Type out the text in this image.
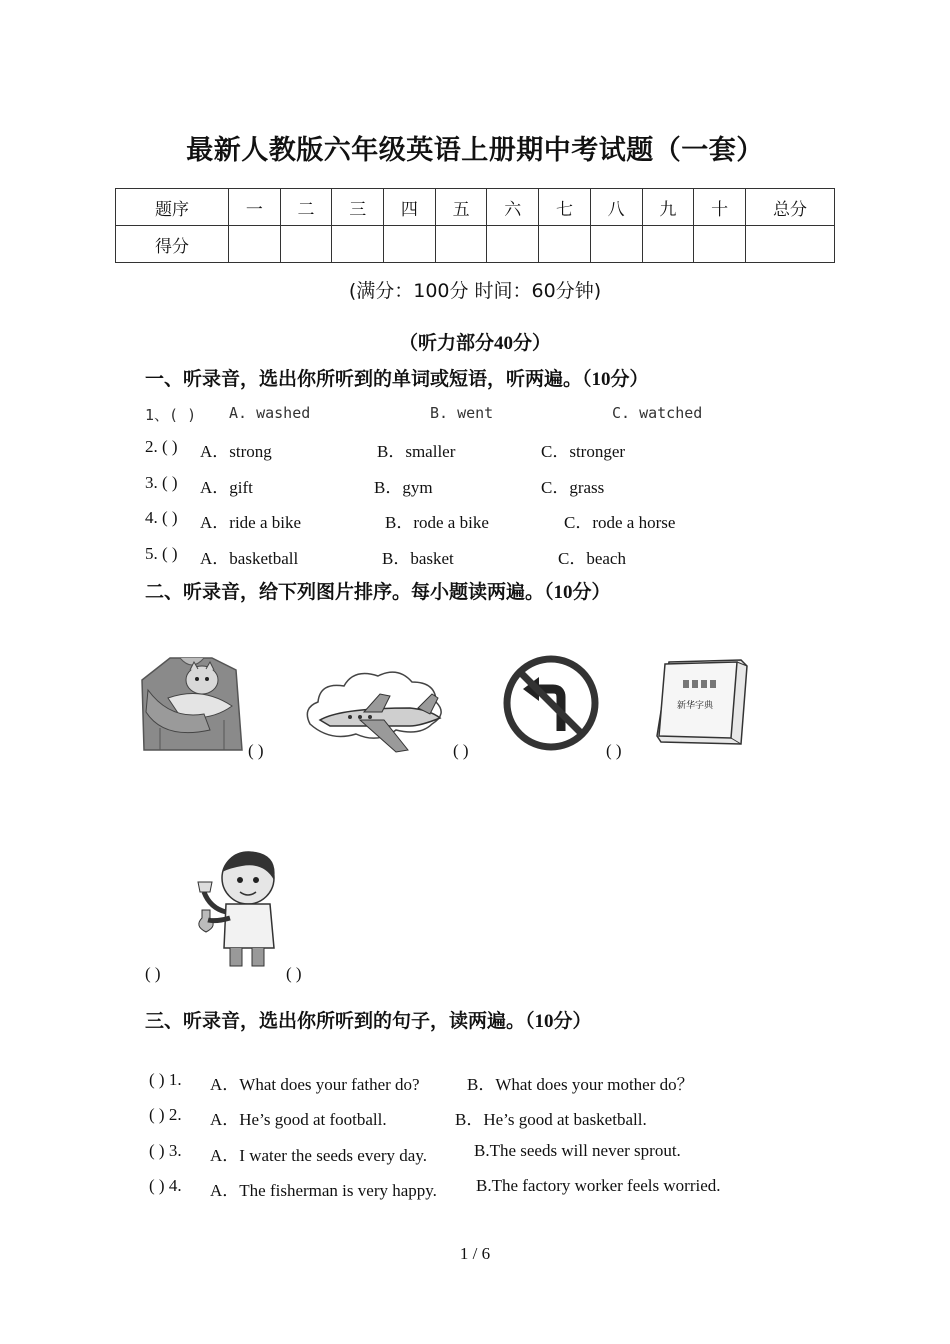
最新人教版六年级英语上册期中考试题（一套）
题序	一	二	三	四	五	六	七	八	九	十	总分
得分											
(满分：100分 时间：60分钟)
（听力部分40分）
一、听录音，选出你所听到的单词或短语，听两遍。（10分）
1、( ) A. washed	B. went	C. watched
2. ( ) A．strong	B．smaller	C．stronger
3. ( ) A．gift	B．gym	C．grass
4. ( ) A．ride a bike	B．rode a bike	C．rode a horse
5. ( ) A．basketball	B．basket	C．beach
二、听录音，给下列图片排序。每小题读两遍。（10分）
( )	( )	( )
新华字典
( )	( )
三、听录音，选出你所听到的句子，读两遍。（10分）
( ) 1. A．What does your father do?	B．What does your mother do？
( ) 2. A．He’s good at football.	B．He’s good at basketball.
( ) 3. A．I water the seeds every day.	B.The seeds will never sprout.
( ) 4. A．The fisherman is very happy. B.The factory worker feels worried.
1 / 6
